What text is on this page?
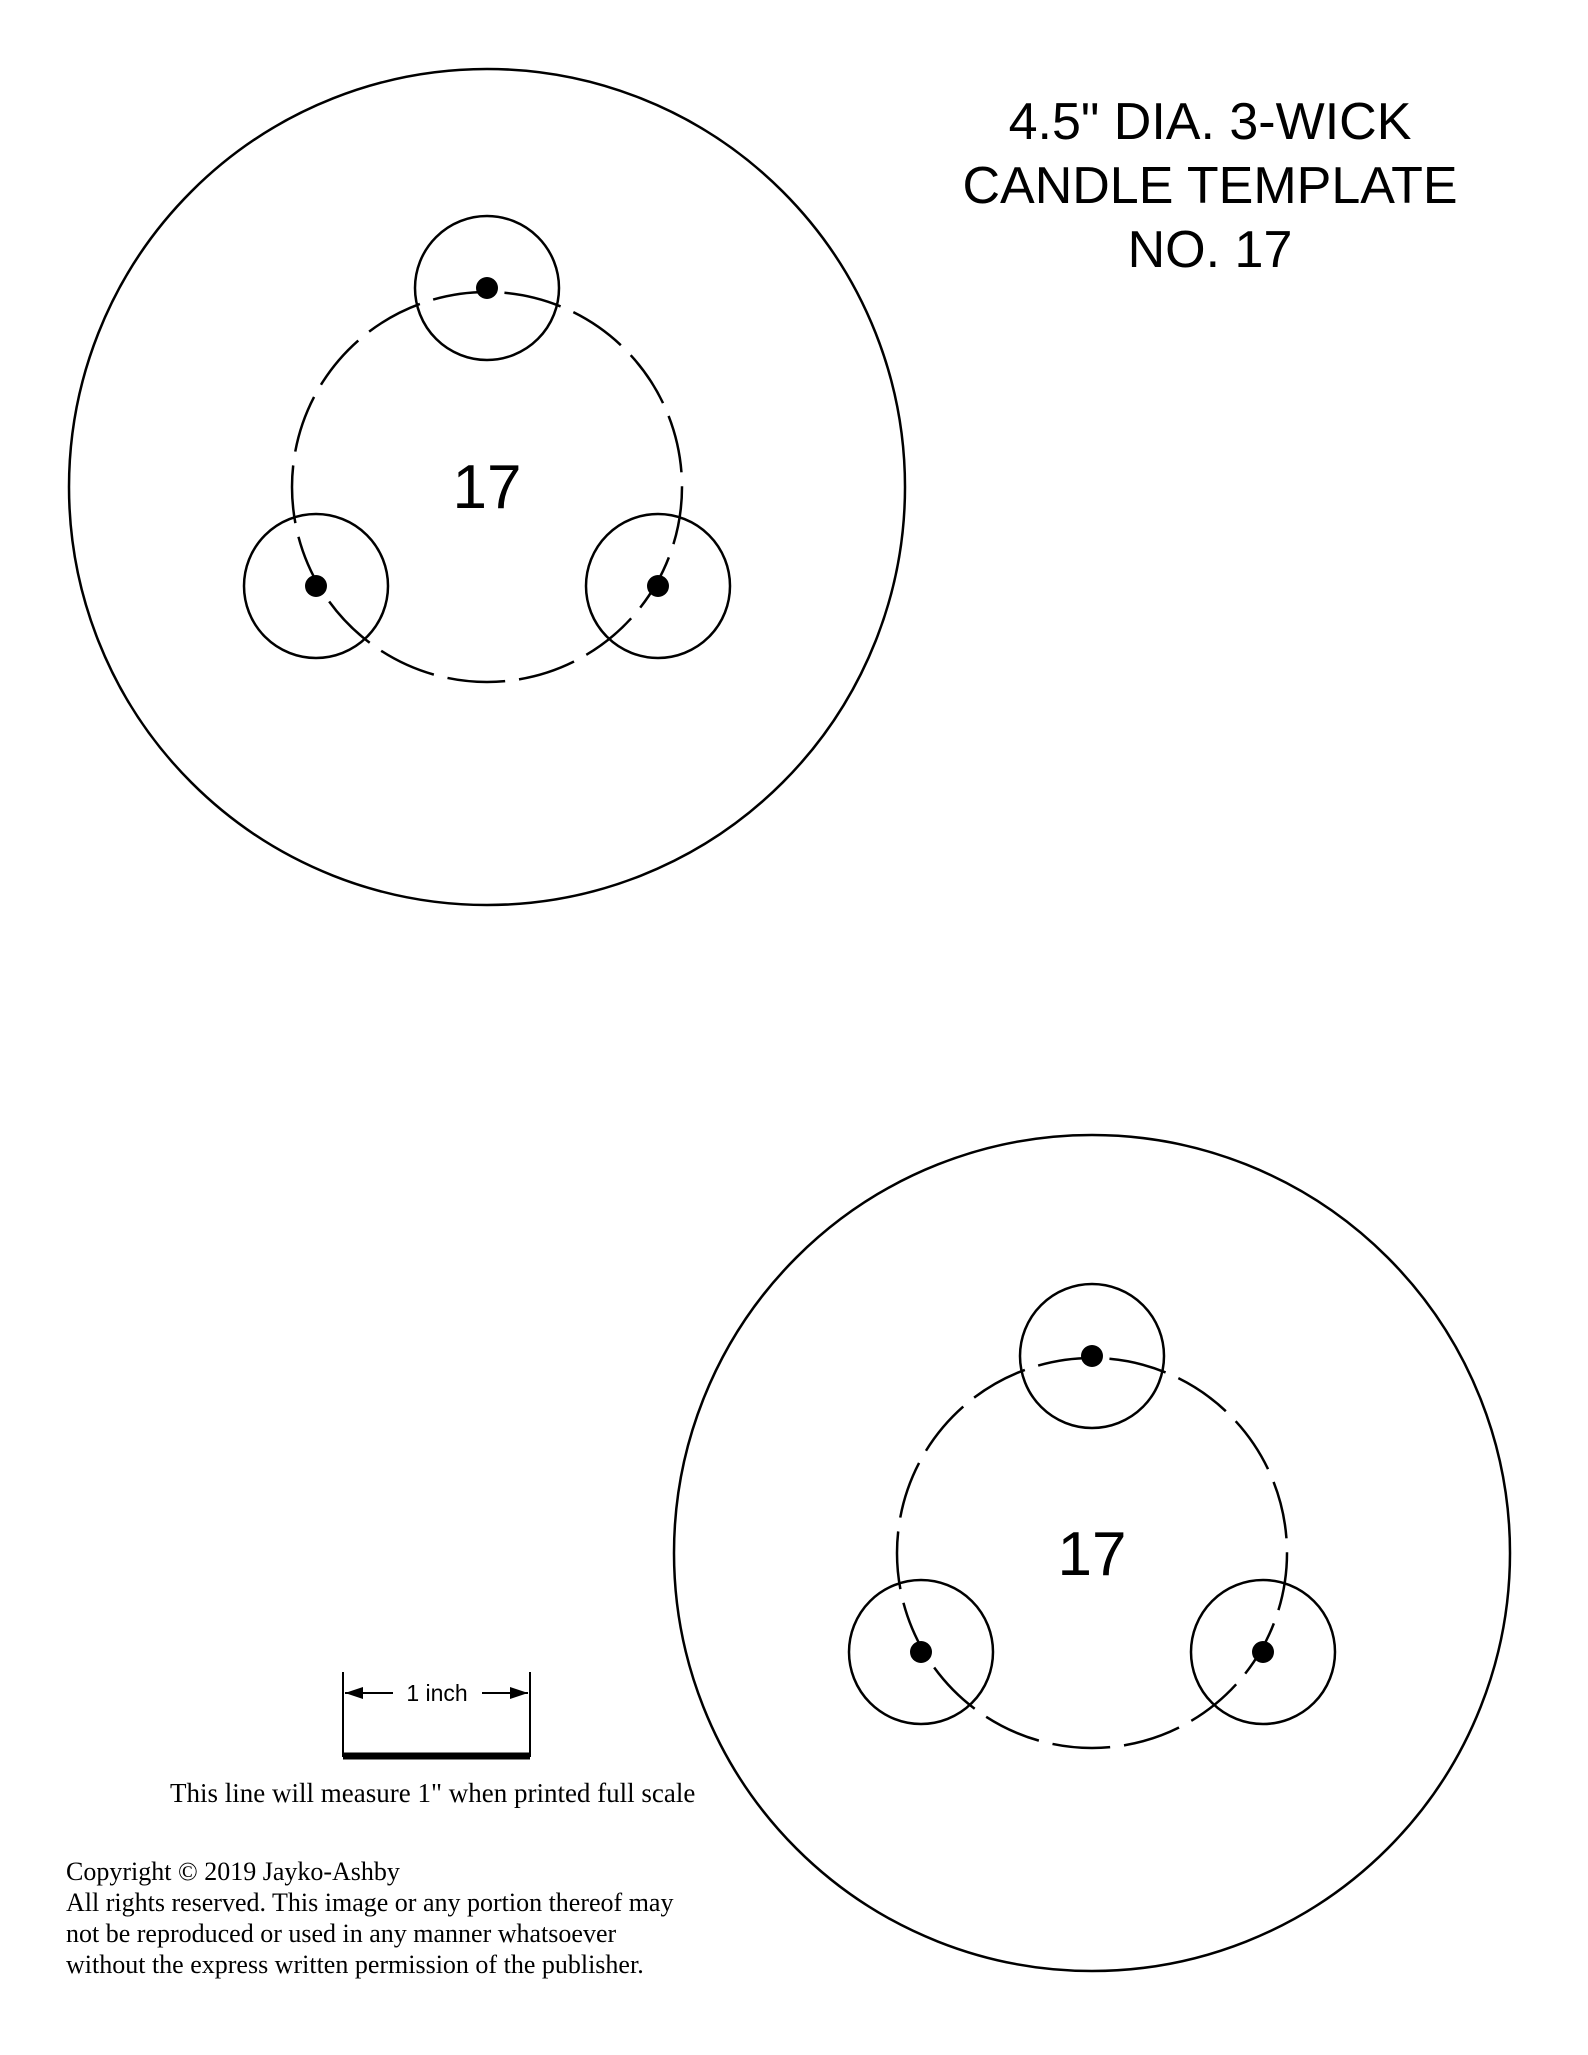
17
17
1 inch
4.5" DIA. 3-WICK
CANDLE TEMPLATE
NO. 17
This line will measure 1" when printed full scale
Copyright © 2019 Jayko-Ashby
All rights reserved. This image or any portion thereof may
not be reproduced or used in any manner whatsoever
without the express written permission of the publisher.
